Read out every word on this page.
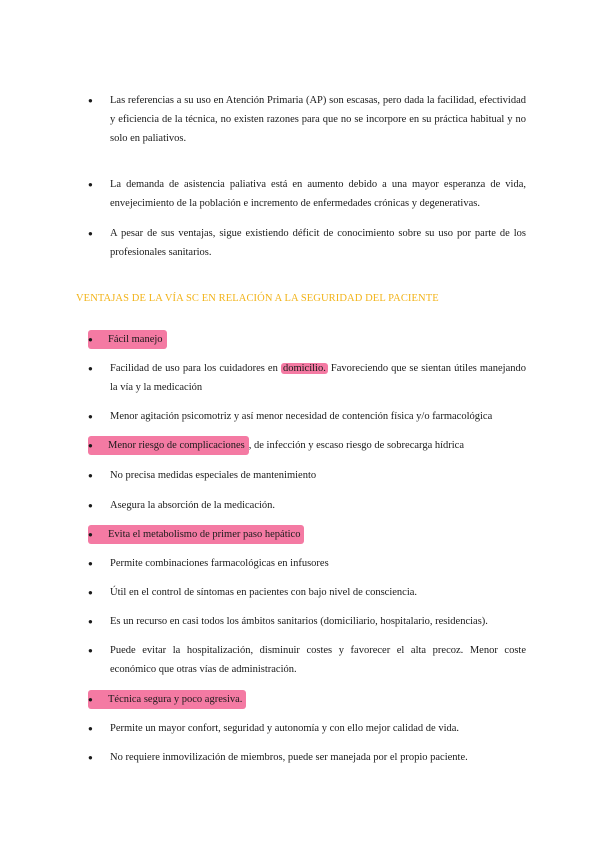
●	Las referencias a su uso en Atención Primaria (AP) son escasas, pero dada la facilidad, efectividad y eficiencia de la técnica, no existen razones para que no se incorpore en su práctica habitual y no solo en paliativos.
●	La demanda de asistencia paliativa está en aumento debido a una mayor esperanza de vida, envejecimiento de la población e incremento de enfermedades crónicas y degenerativas.
●	A pesar de sus ventajas, sigue existiendo déficit de conocimiento sobre su uso por parte de los profesionales sanitarios.
VENTAJAS DE LA VÍA SC EN RELACIÓN A LA SEGURIDAD DEL PACIENTE
● Fácil manejo
●	Facilidad de uso para los cuidadores en domicilio. Favoreciendo que se sientan útiles manejando la vía y la medicación
●	Menor agitación psicomotriz y así menor necesidad de contención física y/o farmacológica
● Menor riesgo de complicaciones , de infección y escaso riesgo de sobrecarga hídrica
●	No precisa medidas especiales de mantenimiento
●	Asegura la absorción de la medicación.
● Evita el metabolismo de primer paso hepático
●	Permite combinaciones farmacológicas en infusores
●	Útil en el control de síntomas en pacientes con bajo nivel de consciencia.
●	Es un recurso en casi todos los ámbitos sanitarios (domiciliario, hospitalario, residencias).
●	Puede evitar la hospitalización, disminuir costes y favorecer el alta precoz. Menor coste económico que otras vías de administración.
● Técnica segura y poco agresiva.
●	Permite un mayor confort, seguridad y autonomía y con ello mejor calidad de vida.
●	No requiere inmovilización de miembros, puede ser manejada por el propio paciente.
